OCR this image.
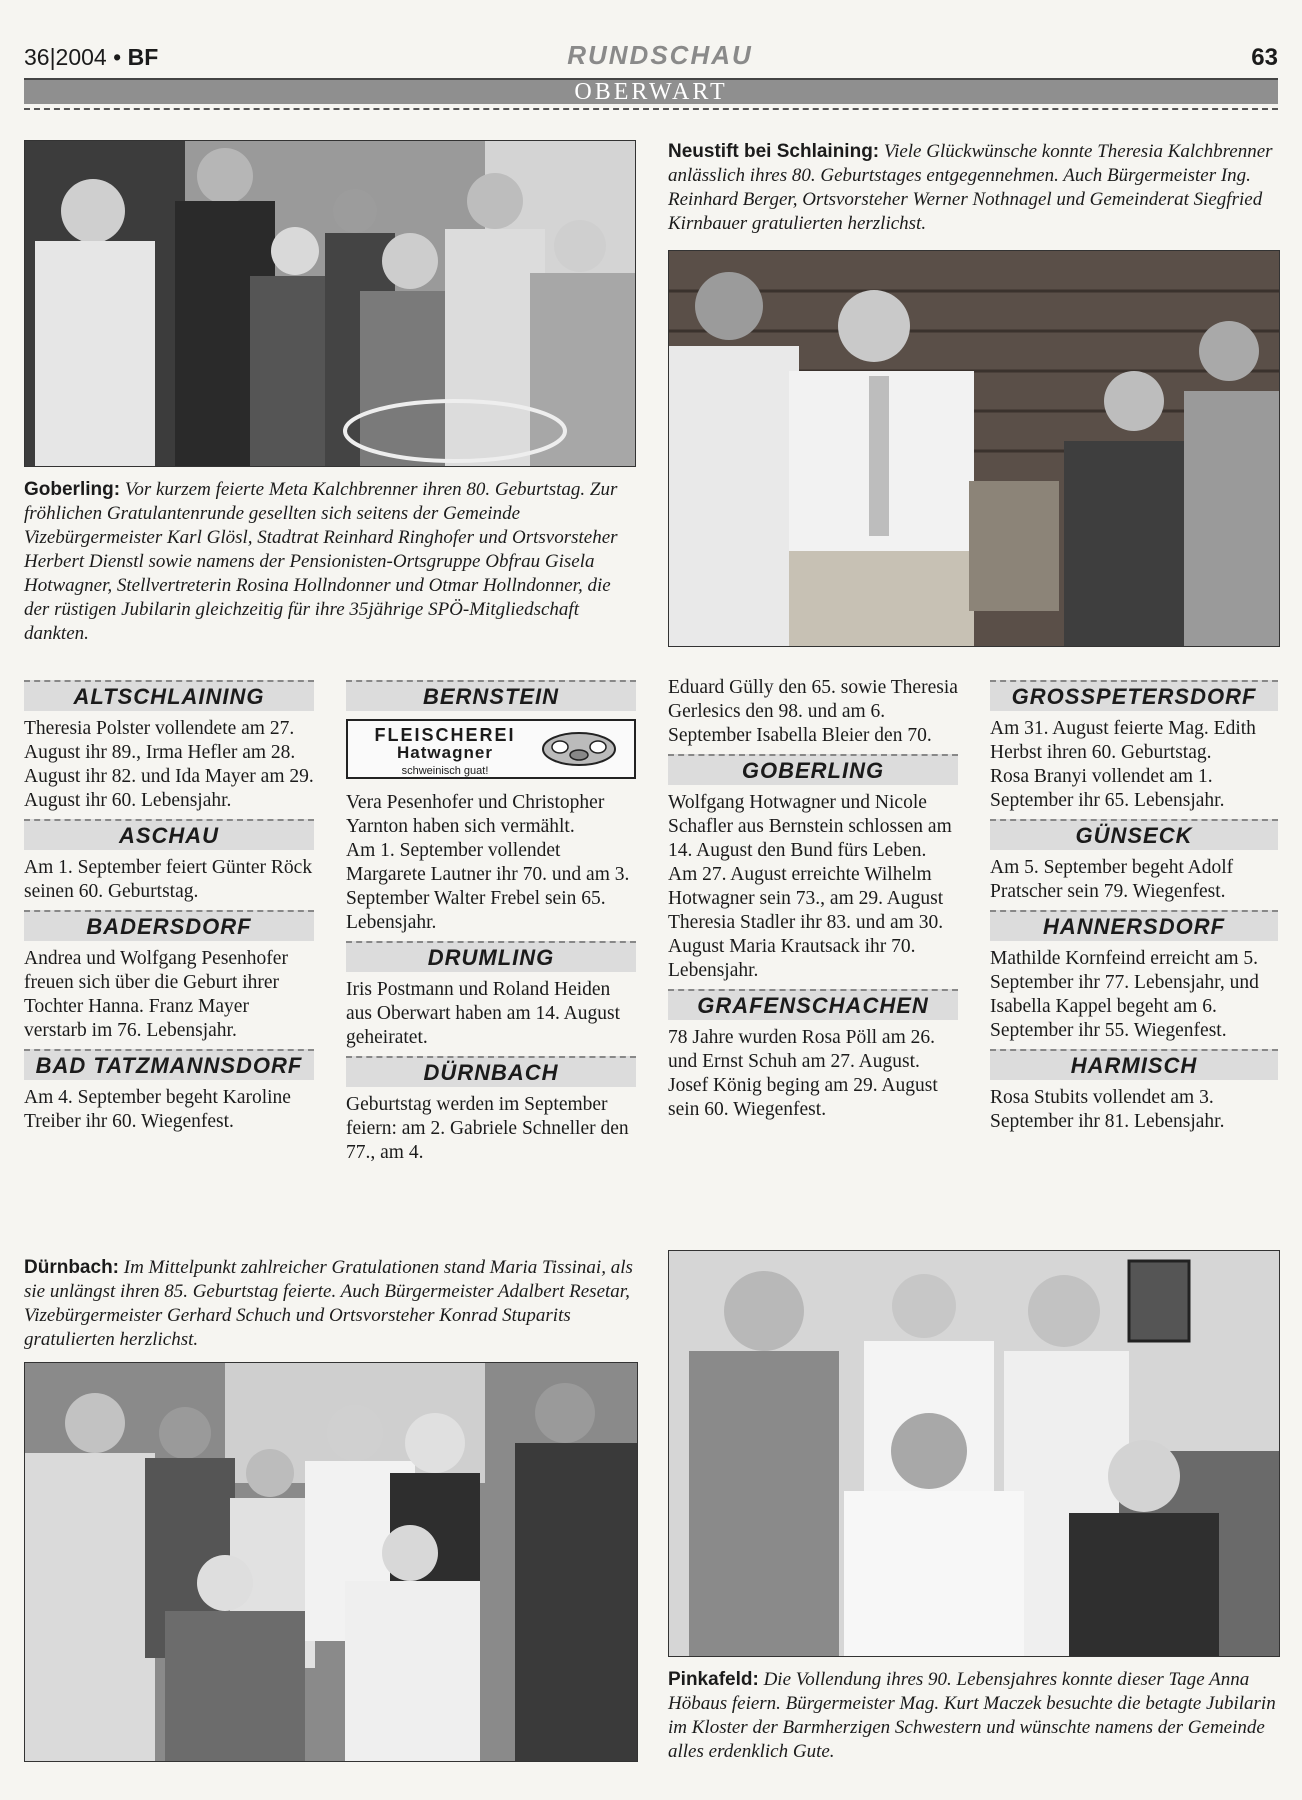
36|2004 • BF	RUNDSCHAU	63
OBERWART
Goberling: Vor kurzem feierte Meta Kalchbrenner ihren 80. Geburtstag. Zur fröhlichen Gratulantenrunde gesellten sich seitens der Gemeinde Vizebürgermeister Karl Glösl, Stadtrat Reinhard Ringhofer und Ortsvorsteher Herbert Dienstl sowie namens der Pensionisten-Ortsgruppe Obfrau Gisela Hotwagner, Stellvertreterin Rosina Hollndonner und Otmar Hollndonner, die der rüstigen Jubilarin gleichzeitig für ihre 35jährige SPÖ-Mitgliedschaft dankten.
Neustift bei Schlaining: Viele Glückwünsche konnte Theresia Kalchbrenner anlässlich ihres 80. Geburtstages entgegennehmen. Auch Bürgermeister Ing. Reinhard Berger, Ortsvorsteher Werner Nothnagel und Gemeinderat Siegfried Kirnbauer gratulierten herzlichst.
ALTSCHLAINING

Theresia Polster vollendete am 27. August ihr 89., Irma Hefler am 28. August ihr 82. und Ida Mayer am 29. August ihr 60. Lebensjahr.

ASCHAU

Am 1. September feiert Günter Röck seinen 60. Geburtstag.

BADERSDORF

Andrea und Wolfgang Pesenhofer freuen sich über die Geburt ihrer Tochter Hanna. Franz Mayer verstarb im 76. Lebensjahr.

BAD TATZMANNSDORF

Am 4. September begeht Karoline Treiber ihr 60. Wiegenfest.

BERNSTEIN
FLEISCHEREI
Hatwagner
schweinisch guat!

Vera Pesenhofer und Christopher Yarnton haben sich vermählt.

Am 1. September vollendet Margarete Lautner ihr 70. und am 3. September Walter Frebel sein 65. Lebensjahr.

DRUMLING

Iris Postmann und Roland Heiden aus Oberwart haben am 14. August geheiratet.

DÜRNBACH

Geburtstag werden im September feiern: am 2. Gabriele Schneller den 77., am 4.

Eduard Gülly den 65. sowie Theresia Gerlesics den 98. und am 6. September Isabella Bleier den 70.

GOBERLING

Wolfgang Hotwagner und Nicole Schafler aus Bernstein schlossen am 14. August den Bund fürs Leben.

Am 27. August erreichte Wilhelm Hotwagner sein 73., am 29. August Theresia Stadler ihr 83. und am 30. August Maria Krautsack ihr 70. Lebensjahr.

GRAFENSCHACHEN

78 Jahre wurden Rosa Pöll am 26. und Ernst Schuh am 27. August. Josef König beging am 29. August sein 60. Wiegenfest.

GROSSPETERSDORF

Am 31. August feierte Mag. Edith Herbst ihren 60. Geburtstag.

Rosa Branyi vollendet am 1. September ihr 65. Lebensjahr.

GÜNSECK

Am 5. September begeht Adolf Pratscher sein 79. Wiegenfest.

HANNERSDORF

Mathilde Kornfeind erreicht am 5. September ihr 77. Lebensjahr, und Isabella Kappel begeht am 6. September ihr 55. Wiegenfest.

HARMISCH

Rosa Stubits vollendet am 3. September ihr 81. Lebensjahr.

Dürnbach: Im Mittelpunkt zahlreicher Gratulationen stand Maria Tissinai, als sie unlängst ihren 85. Geburtstag feierte. Auch Bürgermeister Adalbert Resetar, Vizebürgermeister Gerhard Schuch und Ortsvorsteher Konrad Stuparits gratulierten herzlichst.
Pinkafeld: Die Vollendung ihres 90. Lebensjahres konnte dieser Tage Anna Höbaus feiern. Bürgermeister Mag. Kurt Maczek besuchte die betagte Jubilarin im Kloster der Barmherzigen Schwestern und wünschte namens der Gemeinde alles erdenklich Gute.
